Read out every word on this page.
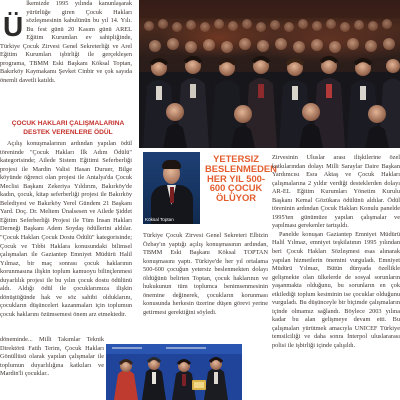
Ü

lkemizde 1995 yılında kanunlaşarak yürürlüğe giren Çocuk Hakları sözleşmesinin kabulünün bu yıl 14. Yılı. Bu fest günü 20 Kasım günü AREL Eğitim Kurumları ev sahipliğinde, Türkiye Çocuk Zirvesi Genel Sekreterliği ve Arel Eğitim Kurumları işbirliği ile gerçekleşen programa, TBMM Eski Başkanı Köksal Toptan, Bakırköy Kaymakamı Şevket Cinbir ve çok sayıda önemli davetli katıldı.

ÇOCUK HAKLARI ÇALIŞMALARINA DESTEK VERENLERE ÖDÜL

Açılış konuşmalarının ardından yapılan ödül töreninde "Çocuk Hakları İlk Adım Ödülü" kategorisinde; Ailede Sistem Eğitimi Seferberliği projesi ile Mardin Valisi Hasan Duruer, Bilge köyünde öğrenci olan projesi ile Antalya'da Çocuk Meclisi Başkanı Zekeriya Yıldırım, Bakırköy'de kadın, çocuk, kitap seferberliği projesi ile Bakırköy Belediyesi ve Bakırköy Yerel Gündem 21 Başkanı Yard. Doç. Dr. Meltem Ünalsesen ve Ailede Şiddet Eğitim Seferberliği Projesi ile Tüm İnsan Hakları Derneği Başkanı Adem Soydaş ödüllerini aldılar. "Çocuk Hakları Çocuk Dostu Ödülü" kategorisinde; Çocuk ve Tıbbi Haklara konusundaki bilimsel çalışmaları ile Gaziantep Emniyet Müdürü Halil Yılmaz, bir maç sonrası çocuk haklarının korunmasına ilişkin toplum kamuoyu bilinçlenmesi duyarlılık projesi ile bu yılın çocuk dostu ödülünü aldı. Aldığı ödül ile çocuklarımıza ilişkin dönüştüğünde hak ve söz sahibi olduklarını, çocukların düşünceleri kazanmaları için toplumun çocuk haklarını özümsemesi önem arz etmektedir.

döneminde... Milli Takımlar Teknik Direktörü Fatih Terim, Çocuk Hakları Gönüllüsü olarak yapılan çalışmalar ile toplumun duyarlılığına katkıları ve Mardin'li çocuklar..

Köksal Toptan
YETERSIZ BESLENMEDEN HER YIL 500-600 ÇOCUK ÖLÜYOR

Türkiye Çocuk Zirvesi Genel Sekreteri Elbizin Özbay'ın yaptığı açılış konuşmasının ardından, TBMM Eski Başkanı Köksal TOPTAN konuşmasını yaptı. Türkiye'de her yıl ortalama 500-600 çocuğun yetersiz beslenmekten dolayı öldüğünü belirten Toptan, çocuk haklarının ve hukukunun tüm toplumca benimsenmesinin önemine değinerek, çocukların korunması konusunda herkesin üzerine düşen görevi yerine getirmesi gerektiğini söyledi.

Zirvesinin Uluslar arası ilişkilerine özel katkılarından dolayı Milli Saraylar Daire Başkan Yardımcısı Esra Aktaş ve Çocuk Hakları çalışmalarına 2 yıldır verdiği desteklerden dolayı AR-EL Eğitim Kurumları Yönetim Kurulu Başkanı Kemal Gözükara ödülünü aldılar. Ödül töreninin ardından Çocuk Hakları Konulu panelde 1995'ten günümüze yapılan çalışmalar ve yapılması gerekenler tartışıldı.

Panelde konuşan Gaziantep Emniyet Müdürü Halil Yılmaz, emniyet teşkilatının 1995 yılından beri Çocuk Hakları Sözleşmesi esas alınarak yapılan hizmetlerin önemini vurguladı. Emniyet Müdürü Yılmaz, Bütün dünyada özellikle gelişmekte olan ülkelerde de sosyal sorunların yaşanmakta olduğunu, bu sorunların en çok etkilediği toplum kesiminin ise çocuklar olduğunu vurguladı. Bu düşünceyle bir biçimde çalışmaların içinde olmamız sağlandı. Böylece 2003 yılına kadar bu alan gelişmeye devam etti. Bu çalışmaları yürütmek amacıyla UNICEF Türkiye temsilciliği ve daha sonra İnterpol uluslararası polisi ile işbirliği içinde çalışıldı.
